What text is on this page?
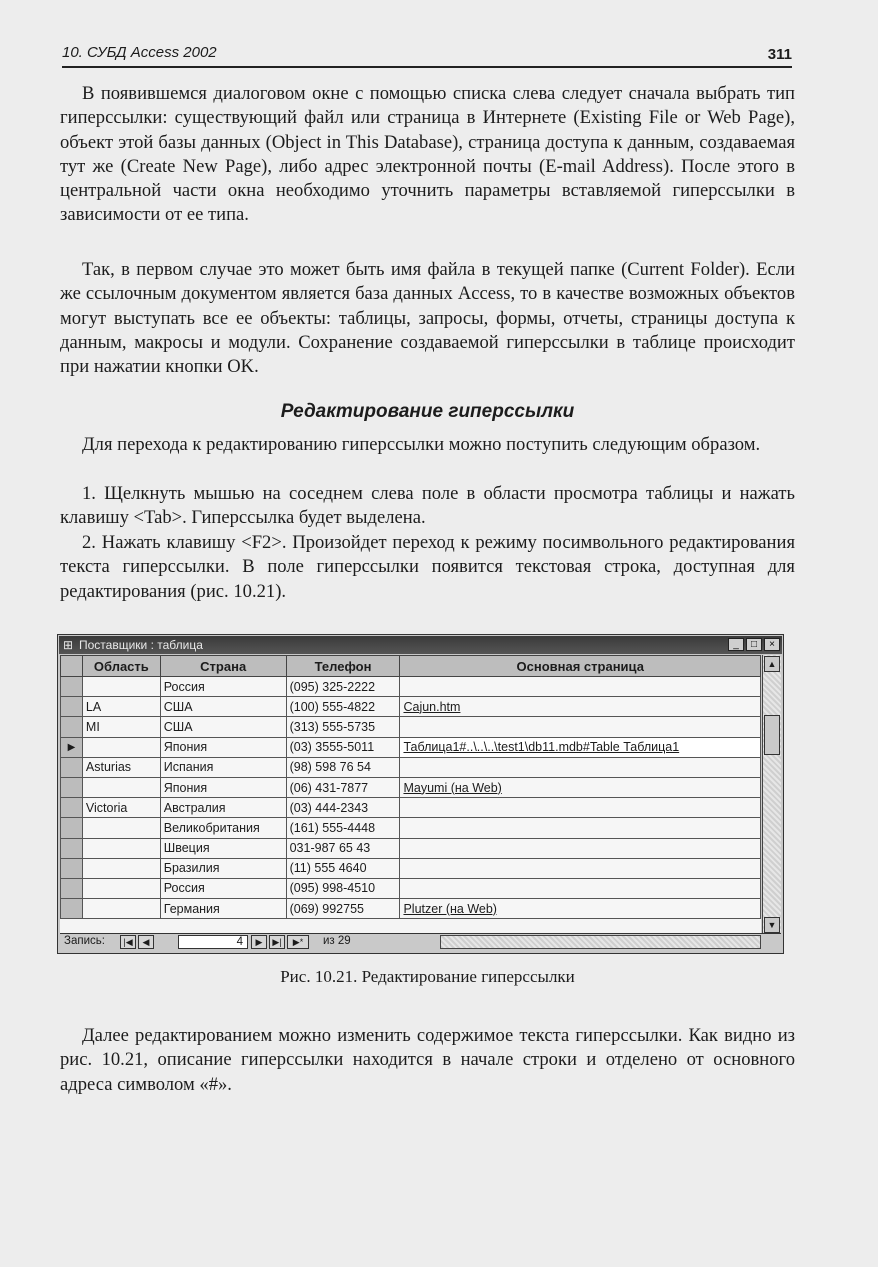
10. СУБД Access 2002	311

В появившемся диалоговом окне с помощью списка слева следует сначала выбрать тип гиперссылки: существующий файл или страница в Интернете (Existing File or Web Page), объект этой базы данных (Object in This Database), страница доступа к данным, создаваемая тут же (Create New Page), либо адрес электронной почты (E-mail Address). После этого в центральной части окна необходимо уточнить параметры вставляемой гиперссылки в зависимости от ее типа.

Так, в первом случае это может быть имя файла в текущей папке (Current Folder). Если же ссылочным документом является база данных Access, то в качестве возможных объектов могут выступать все ее объекты: таблицы, запросы, формы, отчеты, страницы доступа к данным, макросы и модули. Сохранение создаваемой гиперссылки в таблице происходит при нажатии кнопки OK.

Редактирование гиперссылки

Для перехода к редактированию гиперссылки можно поступить следующим образом.

1. Щелкнуть мышью на соседнем слева поле в области просмотра таблицы и нажать клавишу <Tab>. Гиперссылка будет выделена.

2. Нажать клавишу <F2>. Произойдет переход к режиму посимвольного редактирования текста гиперссылки. В поле гиперссылки появится текстовая строка, доступная для редактирования (рис. 10.21).

⊞ Поставщики : таблица	_	□	×
	Область	Страна	Телефон	Основная страница
		Россия	(095) 325-2222	
	LA	США	(100) 555-4822	Cajun.htm
	MI	США	(313) 555-5735	
▶		Япония	(03) 3555-5011	Таблица1#..\..\..\test1\db11.mdb#Table Таблица1
	Asturias	Испания	(98) 598 76 54	
		Япония	(06) 431-7877	Mayumi (на Web)
	Victoria	Австралия	(03) 444-2343	
		Великобритания	(161) 555-4448	
		Швеция	031-987 65 43	
		Бразилия	(11) 555 4640	
		Россия	(095) 998-4510	
		Германия	(069) 992755	Plutzer (на Web)
▲
▼
Запись:	|◀	◀	4	▶	▶|	▶*	из 29
Рис. 10.21. Редактирование гиперссылки

Далее редактированием можно изменить содержимое текста гиперссылки. Как видно из рис. 10.21, описание гиперссылки находится в начале строки и отделено от основного адреса символом «#».
